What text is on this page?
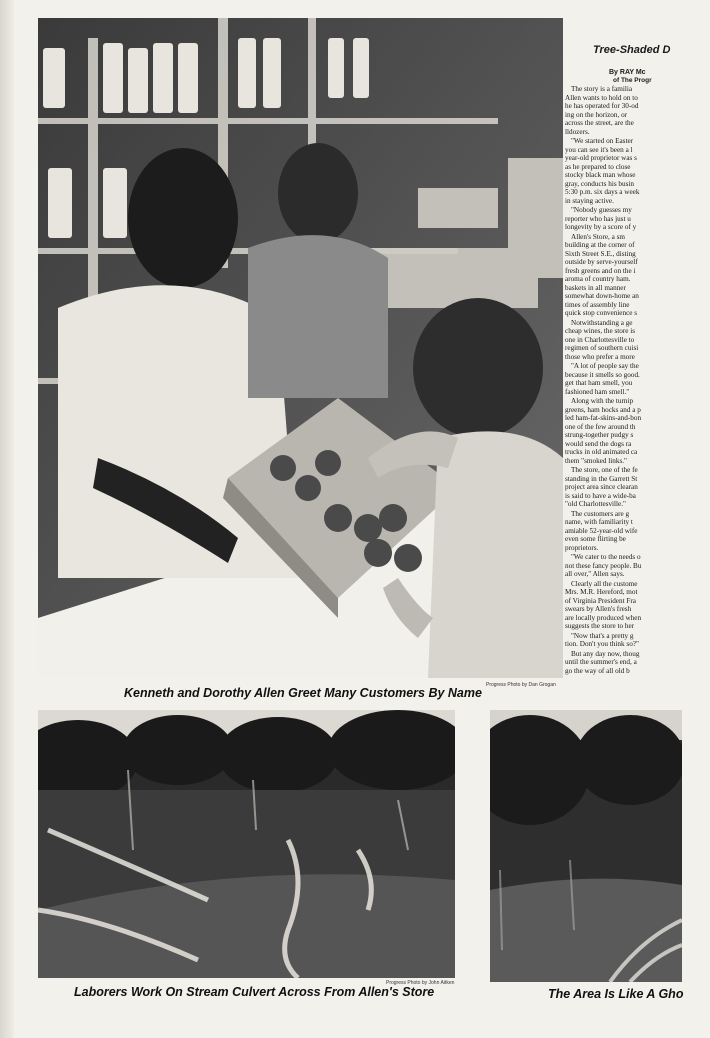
Progress Photo by Dan Grogan
Kenneth and Dorothy Allen Greet Many Customers By Name
Tree-Shaded D
By RAY Mc
of The Progr

The story is a familia
Allen wants to hold on to
he has operated for 30-od
ing on the horizon, or
across the street, are the
lldozers.

"We started on Easter
you can see it's been a l
year-old proprietor was s
as he prepared to close
stocky black man whose
gray, conducts his busin
5:30 p.m. six days a week
in staying active.

"Nobody guesses my
reporter who has just u
longevity by a score of y

Allen's Store, a sm
building at the corner of
Sixth Street S.E., disting
outside by serve-yourself
fresh greens and on the i
aroma of country ham.
baskets in all manner
somewhat down-home an
times of assembly line
quick stop convenience s

Notwithstanding a ge
cheap wines, the store is
one in Charlottesville to
regimen of southern cuisi
those who prefer a more

"A lot of people say the
because it smells so good.
get that ham smell, you
fashioned ham smell."

Along with the turnip
greens, ham hocks and a p
led ham-fat-skins-and-bon
one of the few around th
strung-together pudgy s
would send the dogs ra
trucks in old animated ca
them "smoked links."

The store, one of the fe
standing in the Garrett St
project area since clearan
is said to have a wide-ba
"old Charlottesville."

The customers are g
name, with familiarity t
amiable 52-year-old wife
even some flirting be
proprietors.

"We cater to the needs o
not these fancy people. Bu
all over," Allen says.

Clearly all the custome
Mrs. M.R. Hereford, mot
of Virginia President Fra
swears by Allen's fresh
are locally produced when
suggests the store to her

"Now that's a pretty g
tion. Don't you think so?"

But any day now, thoug
until the summer's end, a
go the way of all old b

Progress Photo by John Aitken
Laborers Work On Stream Culvert Across From Allen's Store	The Area Is Like A Gho
